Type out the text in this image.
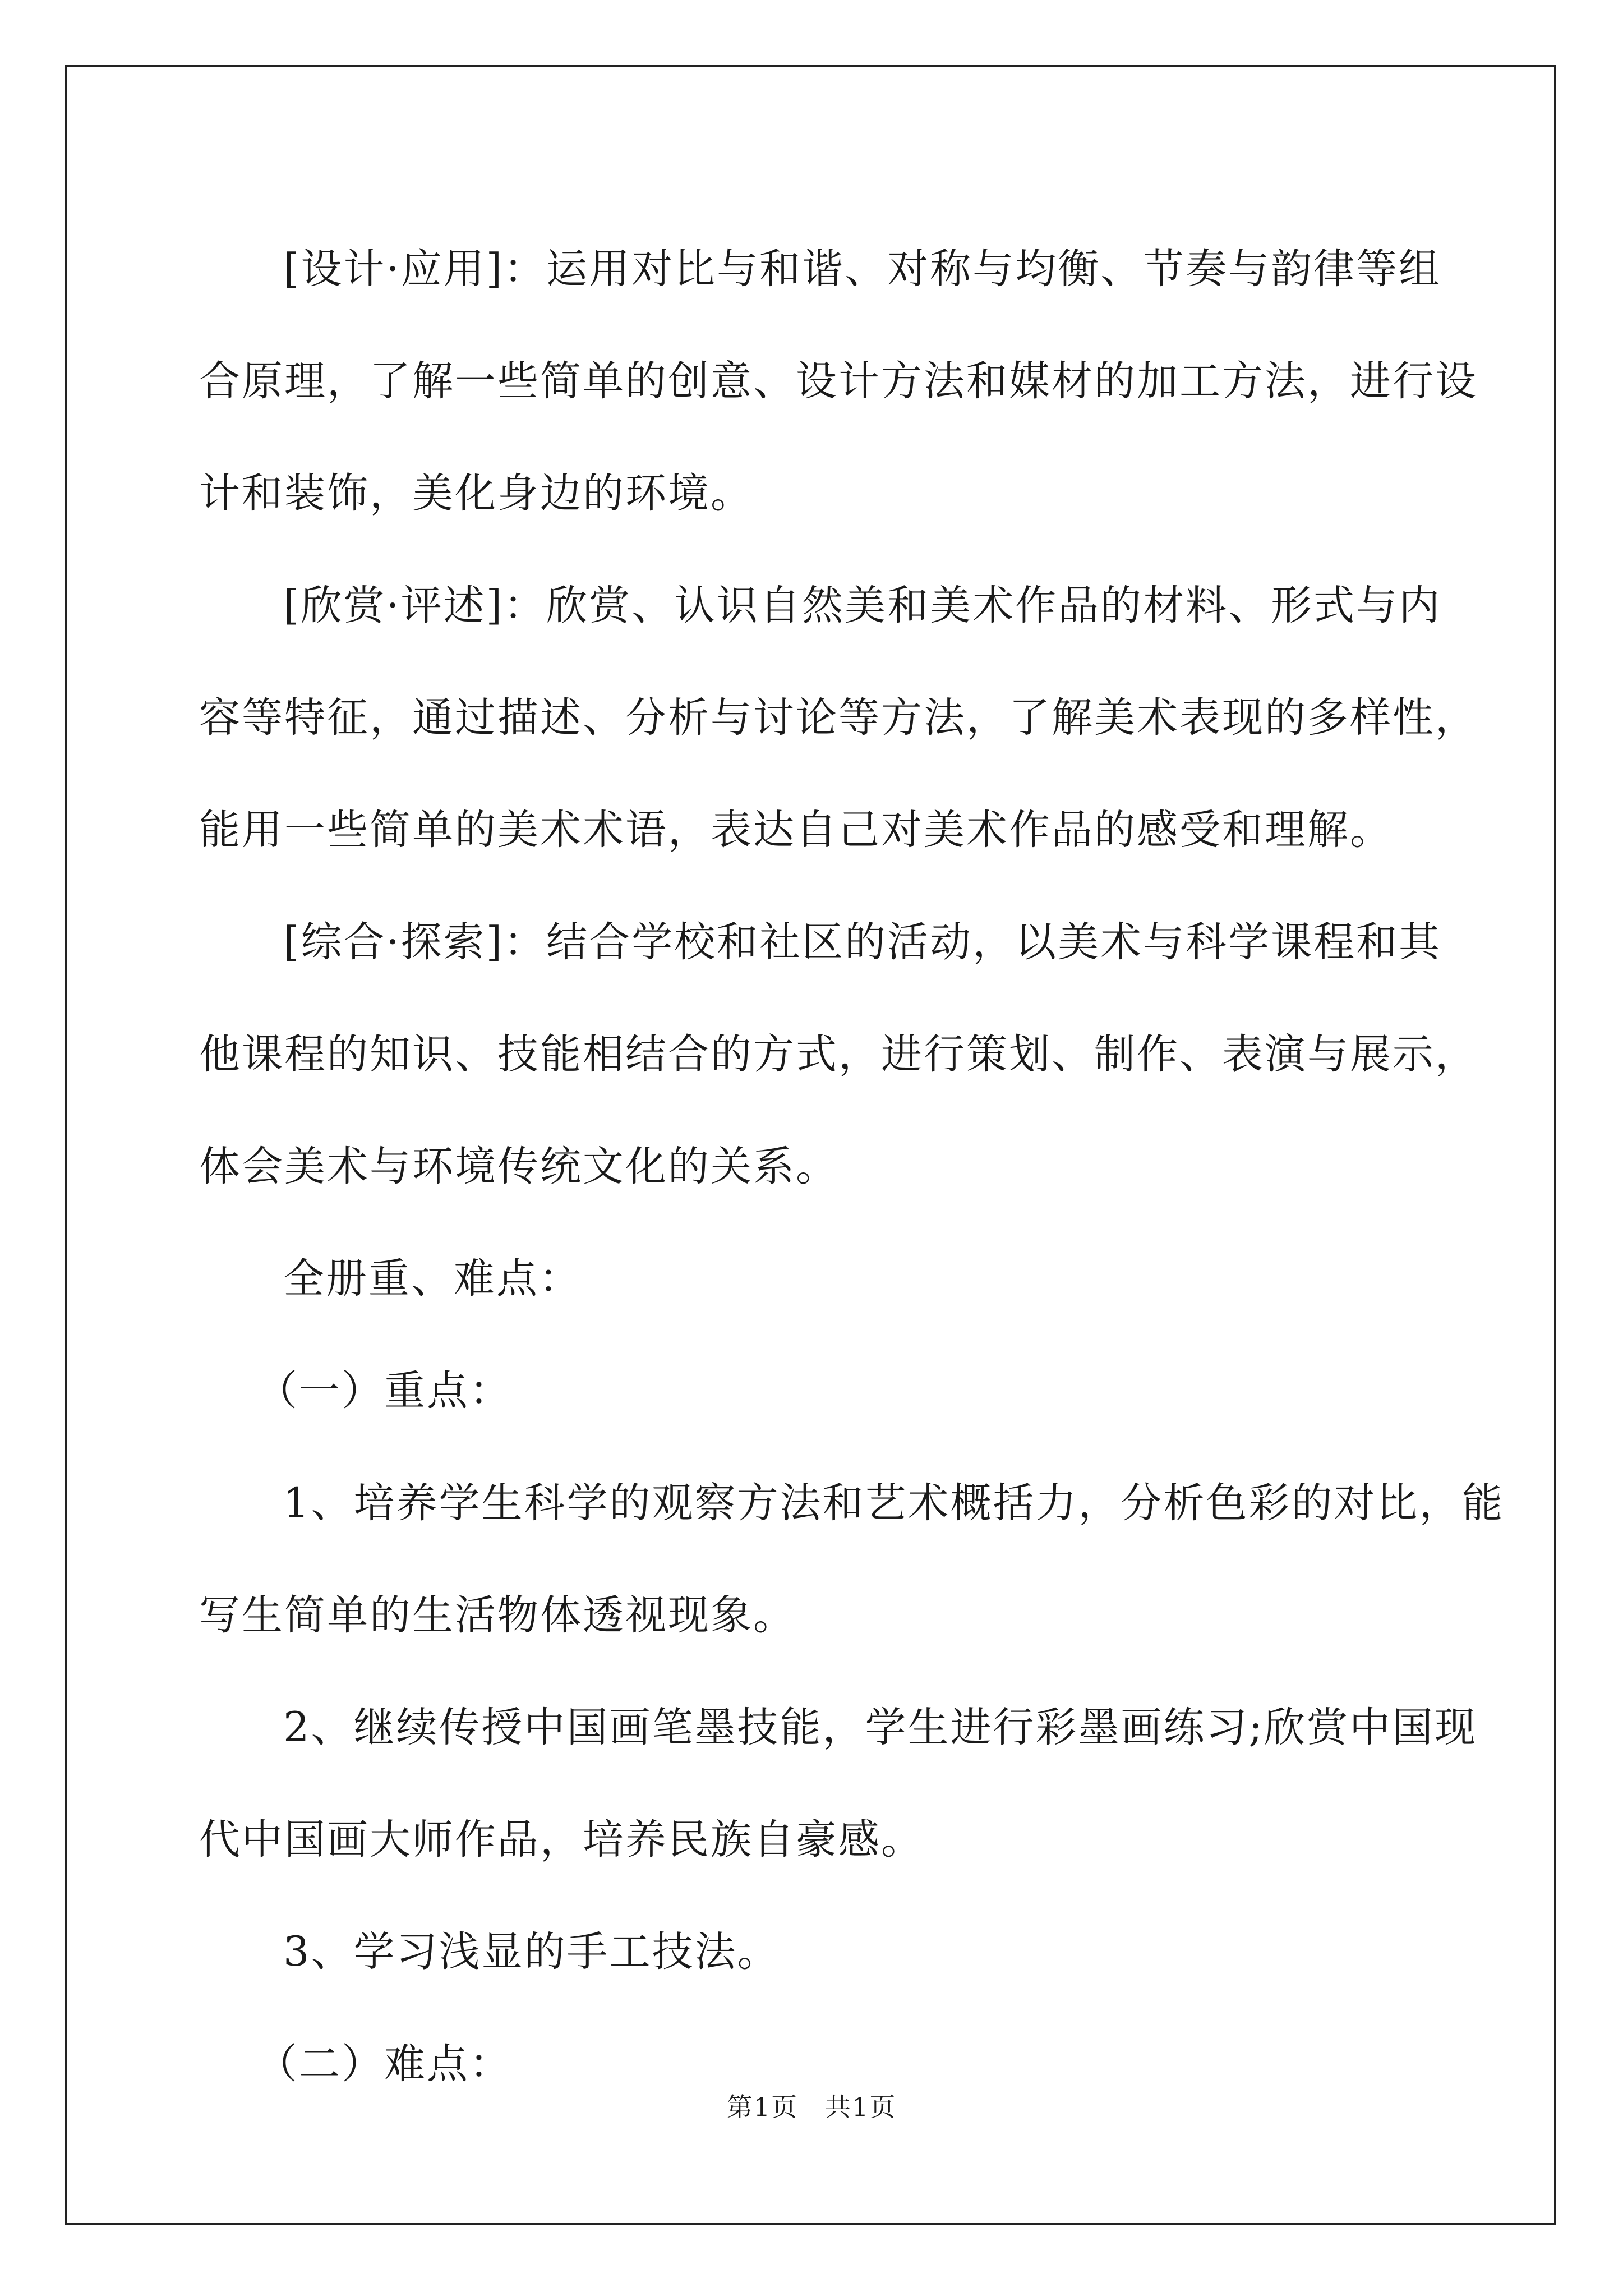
[设计·应用]：运用对比与和谐、对称与均衡、节奏与韵律等组
合原理，了解一些简单的创意、设计方法和媒材的加工方法，进行设
计和装饰，美化身边的环境。
[欣赏·评述]：欣赏、认识自然美和美术作品的材料、形式与内
容等特征，通过描述、分析与讨论等方法，了解美术表现的多样性，
能用一些简单的美术术语，表达自己对美术作品的感受和理解。
[综合·探索]：结合学校和社区的活动，以美术与科学课程和其
他课程的知识、技能相结合的方式，进行策划、制作、表演与展示，
体会美术与环境传统文化的关系。
全册重、难点：
（一）重点：
1、培养学生科学的观察方法和艺术概括力，分析色彩的对比，能
写生简单的生活物体透视现象。
2、继续传授中国画笔墨技能，学生进行彩墨画练习;欣赏中国现
代中国画大师作品，培养民族自豪感。
3、学习浅显的手工技法。
（二）难点：
第1页 共1页
